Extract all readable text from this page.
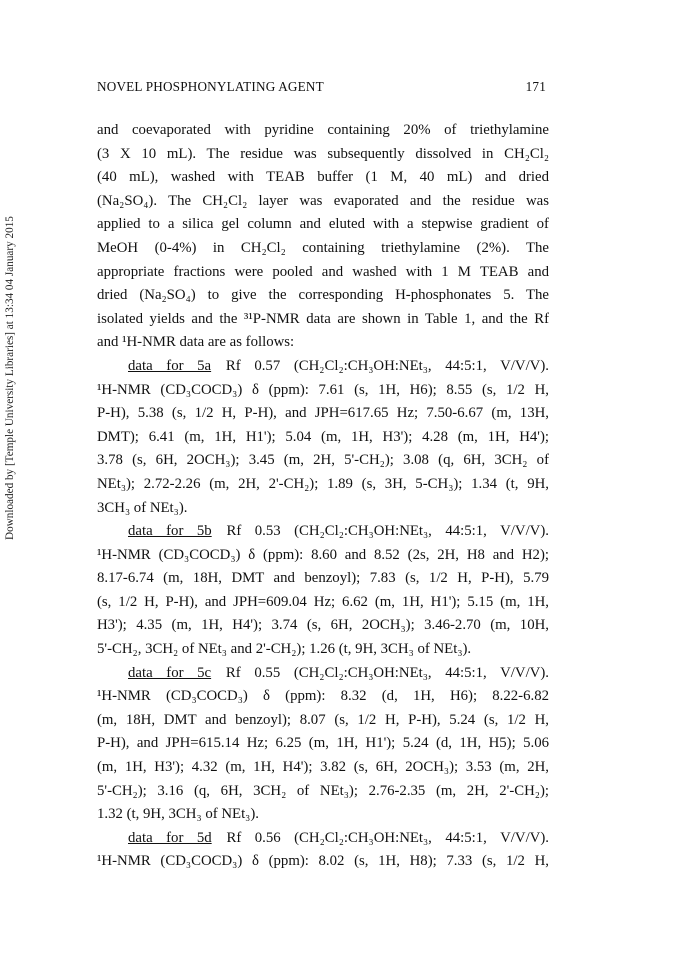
Downloaded by [Temple University Libraries] at 13:34 04 January 2015
NOVEL PHOSPHONYLATING AGENT	171
and coevaporated with pyridine containing 20% of triethylamine
(3 X 10 mL). The residue was subsequently dissolved in CH₂Cl₂
(40 mL), washed with TEAB buffer (1 M, 40 mL) and dried
(Na₂SO₄). The CH₂Cl₂ layer was evaporated and the residue was
applied to a silica gel column and eluted with a stepwise gradient of
MeOH (0-4%) in CH₂Cl₂ containing triethylamine (2%). The
appropriate fractions were pooled and washed with 1 M TEAB and
dried (Na₂SO₄) to give the corresponding H-phosphonates 5. The
isolated yields and the ³¹P-NMR data are shown in Table 1, and the Rf
and ¹H-NMR data are as follows:
data for 5a  Rf 0.57 (CH₂Cl₂:CH₃OH:NEt₃, 44:5:1, V/V/V).
¹H-NMR (CD₃COCD₃) δ (ppm): 7.61 (s, 1H, H6); 8.55 (s, 1/2 H,
P-H), 5.38 (s, 1/2 H, P-H), and JPH=617.65 Hz; 7.50-6.67 (m, 13H,
DMT); 6.41 (m, 1H, H1'); 5.04 (m, 1H, H3'); 4.28 (m, 1H, H4');
3.78 (s, 6H, 2OCH₃); 3.45 (m, 2H, 5'-CH₂); 3.08 (q, 6H, 3CH₂ of
NEt₃); 2.72-2.26 (m, 2H, 2'-CH₂); 1.89 (s, 3H, 5-CH₃); 1.34 (t, 9H,
3CH₃ of NEt₃).
data for 5b  Rf 0.53 (CH₂Cl₂:CH₃OH:NEt₃, 44:5:1, V/V/V).
¹H-NMR (CD₃COCD₃) δ (ppm): 8.60 and 8.52 (2s, 2H, H8 and H2);
8.17-6.74 (m, 18H, DMT and benzoyl); 7.83 (s, 1/2 H, P-H), 5.79
(s, 1/2 H, P-H), and JPH=609.04 Hz; 6.62 (m, 1H, H1'); 5.15 (m, 1H,
H3'); 4.35 (m, 1H, H4'); 3.74 (s, 6H, 2OCH₃); 3.46-2.70 (m, 10H,
5'-CH₂, 3CH₂ of NEt₃ and 2'-CH₂); 1.26 (t, 9H, 3CH₃ of NEt₃).
data for 5c  Rf 0.55 (CH₂Cl₂:CH₃OH:NEt₃, 44:5:1, V/V/V).
¹H-NMR (CD₃COCD₃) δ (ppm): 8.32 (d, 1H, H6); 8.22-6.82
(m, 18H, DMT and benzoyl); 8.07 (s, 1/2 H, P-H), 5.24 (s, 1/2 H,
P-H), and JPH=615.14 Hz; 6.25 (m, 1H, H1'); 5.24 (d, 1H, H5); 5.06
(m, 1H, H3'); 4.32 (m, 1H, H4'); 3.82 (s, 6H, 2OCH₃); 3.53 (m, 2H,
5'-CH₂); 3.16 (q, 6H, 3CH₂ of NEt₃); 2.76-2.35 (m, 2H, 2'-CH₂);
1.32 (t, 9H, 3CH₃ of NEt₃).
data for 5d  Rf 0.56 (CH₂Cl₂:CH₃OH:NEt₃, 44:5:1, V/V/V).
¹H-NMR (CD₃COCD₃) δ (ppm): 8.02 (s, 1H, H8); 7.33 (s, 1/2 H,
